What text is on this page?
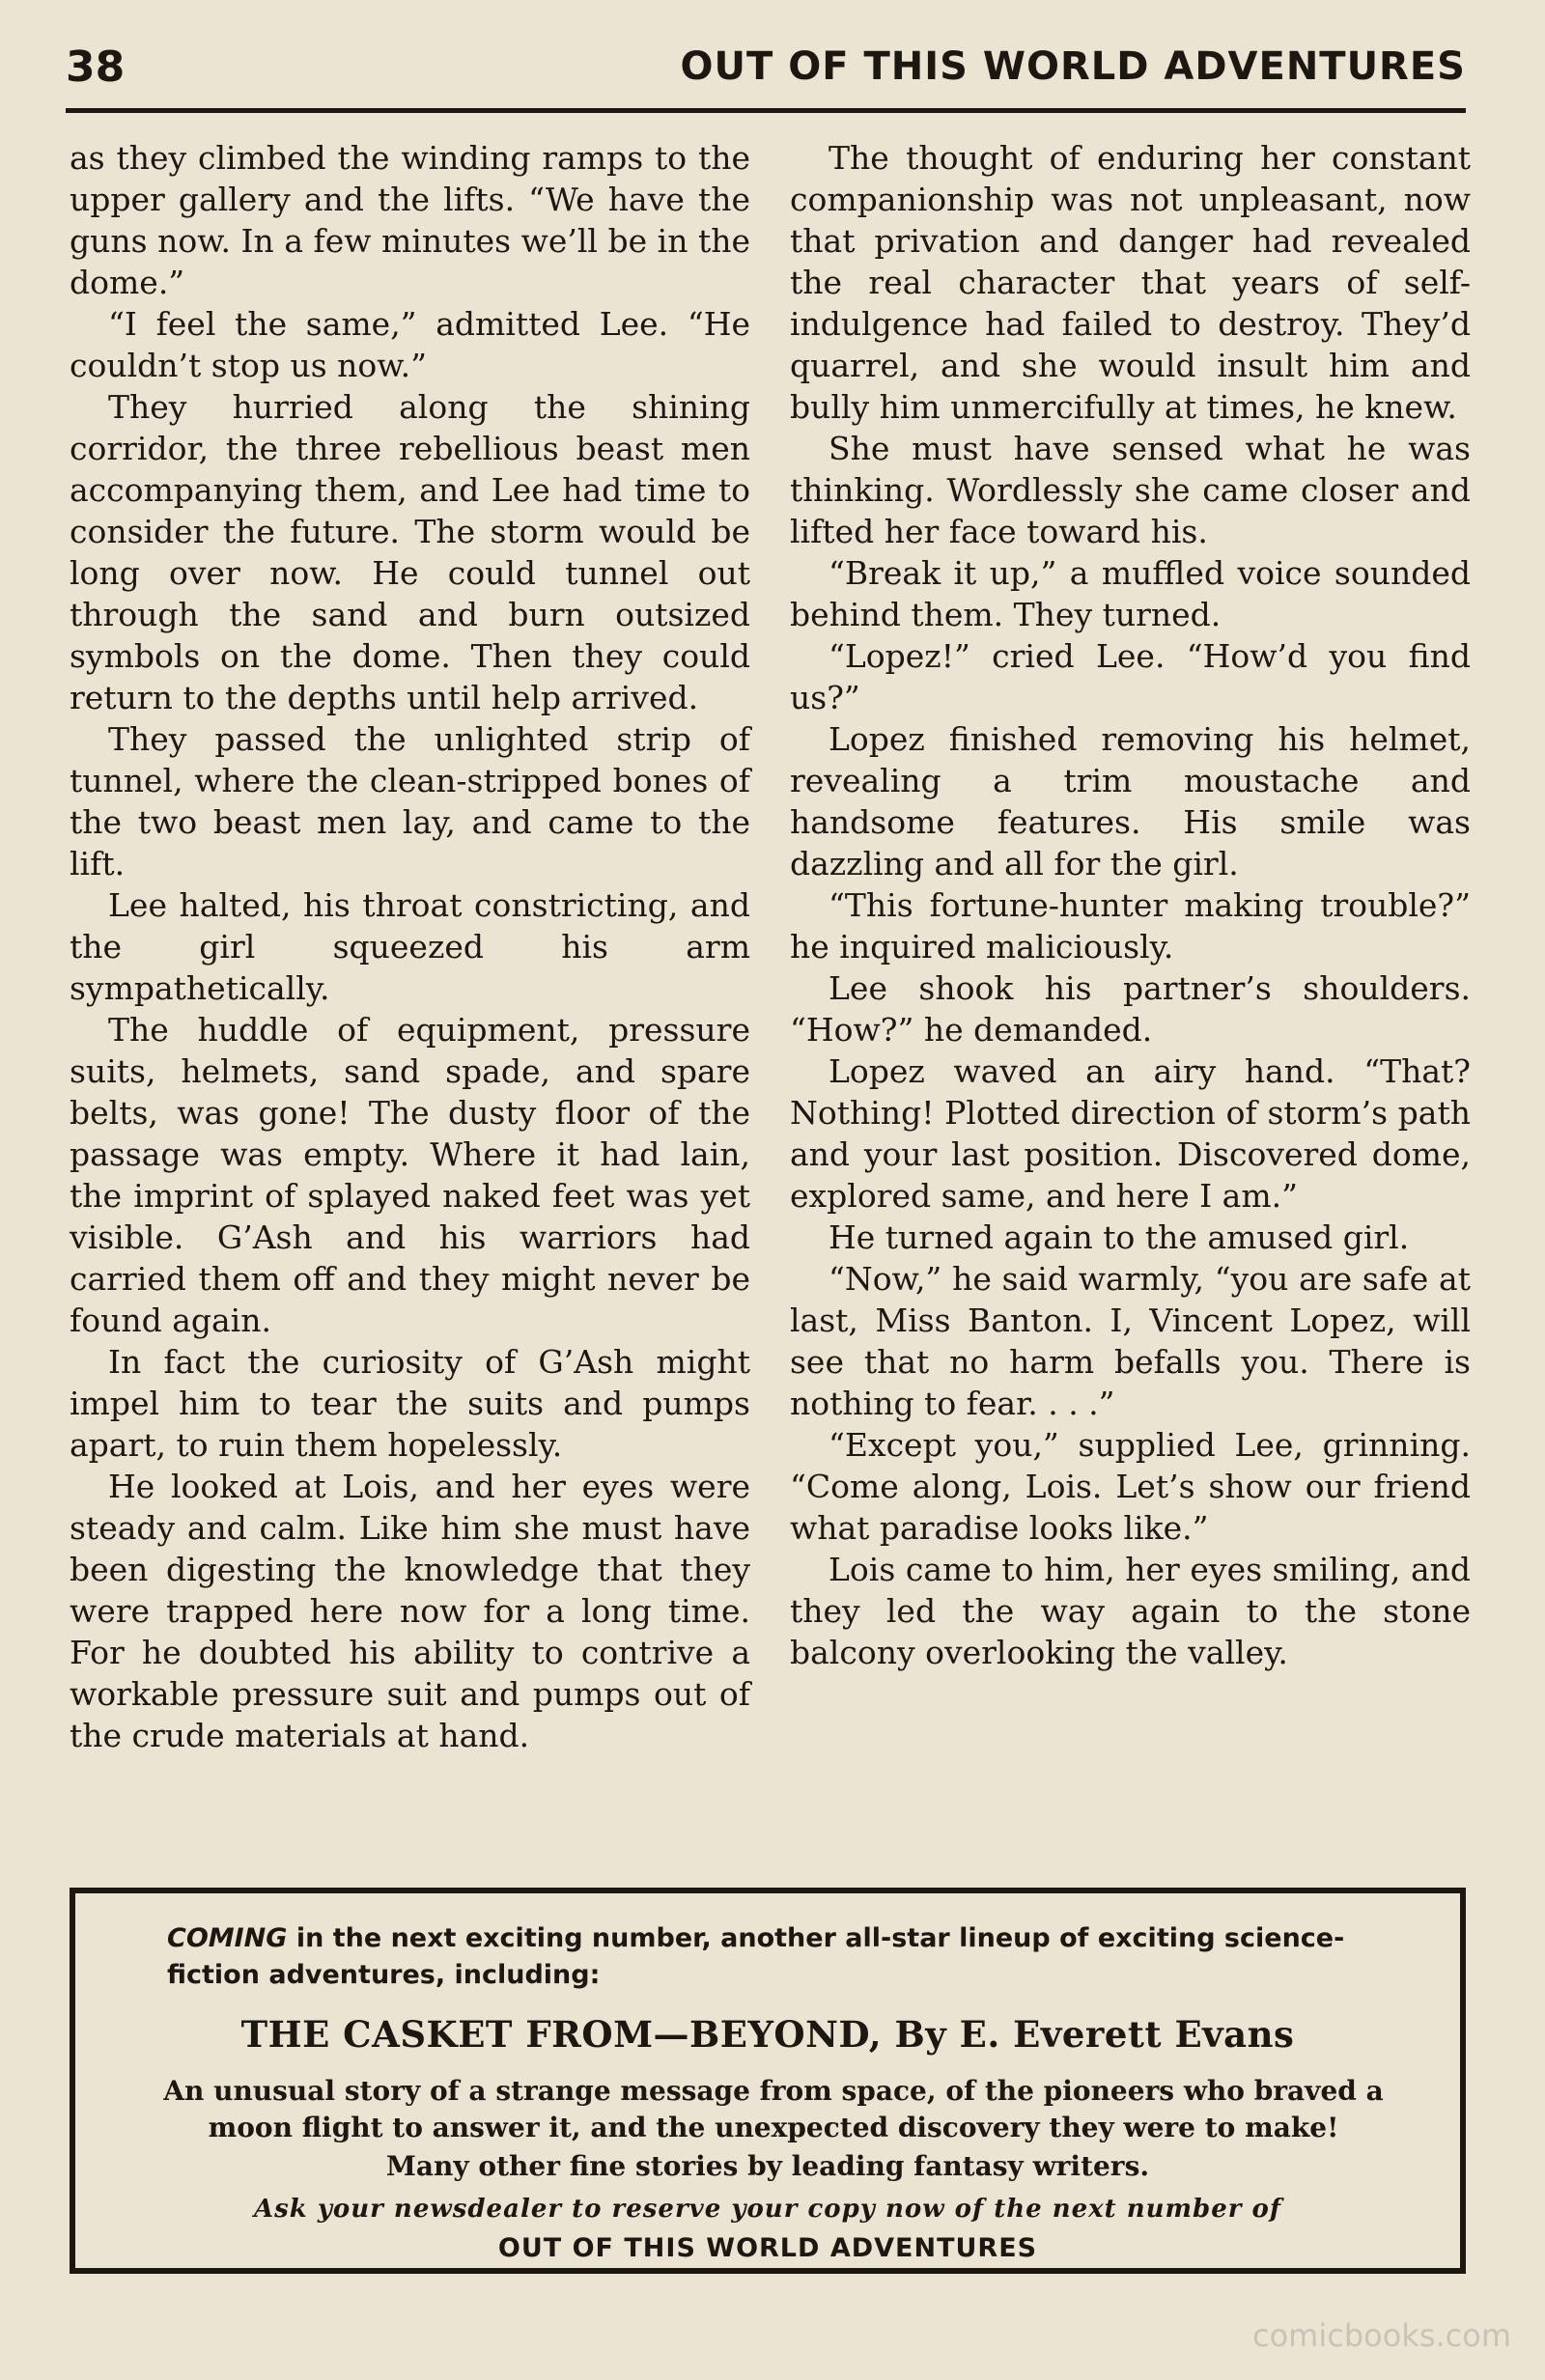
38	OUT OF THIS WORLD ADVENTURES

as they climbed the winding ramps to the upper gallery and the lifts. “We have the guns now. In a few minutes we’ll be in the dome.”

“I feel the same,” admitted Lee. “He couldn’t stop us now.”

They hurried along the shining corridor, the three rebellious beast men accompanying them, and Lee had time to consider the future. The storm would be long over now. He could tunnel out through the sand and burn outsized symbols on the dome. Then they could return to the depths until help arrived.

They passed the unlighted strip of tunnel, where the clean-stripped bones of the two beast men lay, and came to the lift.

Lee halted, his throat constricting, and the girl squeezed his arm sympathetically.

The huddle of equipment, pressure suits, helmets, sand spade, and spare belts, was gone! The dusty floor of the passage was empty. Where it had lain, the imprint of splayed naked feet was yet visible. G’Ash and his warriors had carried them off and they might never be found again.

In fact the curiosity of G’Ash might impel him to tear the suits and pumps apart, to ruin them hopelessly.

He looked at Lois, and her eyes were steady and calm. Like him she must have been digesting the knowledge that they were trapped here now for a long time. For he doubted his ability to contrive a workable pressure suit and pumps out of the crude materials at hand.

The thought of enduring her constant companionship was not unpleasant, now that privation and danger had revealed the real character that years of self-indulgence had failed to destroy. They’d quarrel, and she would insult him and bully him unmercifully at times, he knew.

She must have sensed what he was thinking. Wordlessly she came closer and lifted her face toward his.

“Break it up,” a muffled voice sounded behind them. They turned.

“Lopez!” cried Lee. “How’d you find us?”

Lopez finished removing his helmet, revealing a trim moustache and handsome features. His smile was dazzling and all for the girl.

“This fortune-hunter making trouble?” he inquired maliciously.

Lee shook his partner’s shoulders. “How?” he demanded.

Lopez waved an airy hand. “That? Nothing! Plotted direction of storm’s path and your last position. Discovered dome, explored same, and here I am.”

He turned again to the amused girl.

“Now,” he said warmly, “you are safe at last, Miss Banton. I, Vincent Lopez, will see that no harm befalls you. There is nothing to fear. . . .”

“Except you,” supplied Lee, grinning. “Come along, Lois. Let’s show our friend what paradise looks like.”

Lois came to him, her eyes smiling, and they led the way again to the stone balcony overlooking the valley.

COMING in the next exciting number, another all-star lineup of exciting science-fiction adventures, including:
THE CASKET FROM—BEYOND, By E. Everett Evans
An unusual story of a strange message from space, of the pioneers who braved a moon flight to answer it, and the unexpected discovery they were to make!
Many other fine stories by leading fantasy writers.
Ask your newsdealer to reserve your copy now of the next number of
OUT OF THIS WORLD ADVENTURES
comicbooks.com
